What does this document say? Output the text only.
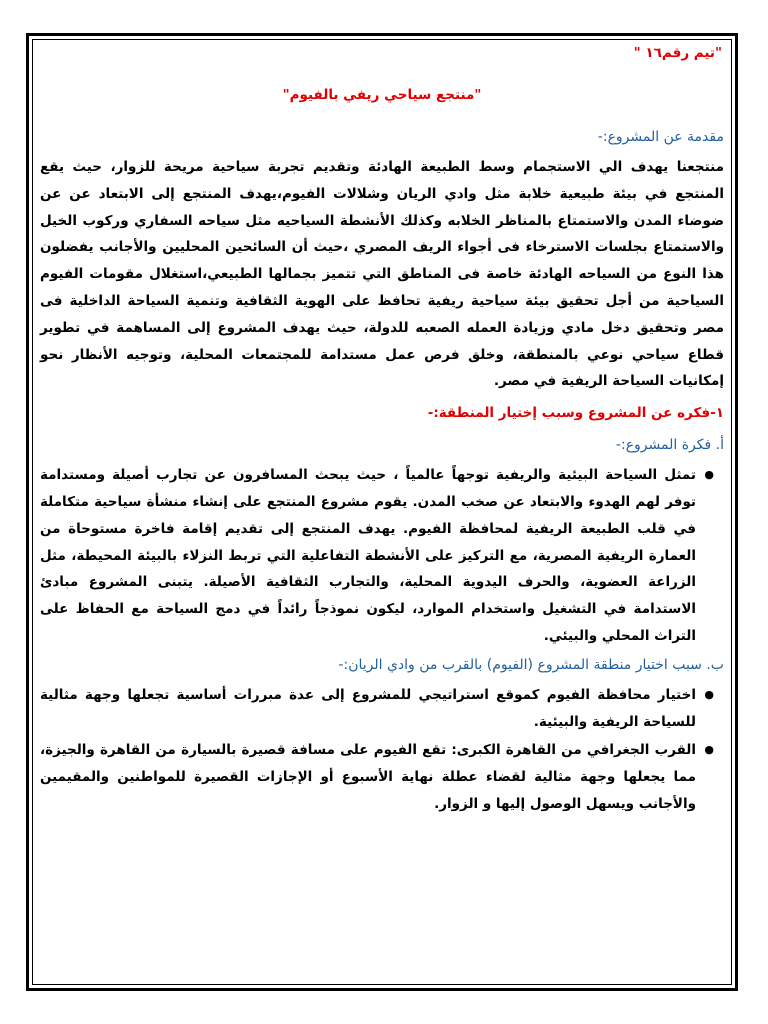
"تيم رقم١٦ "
"منتجع سياحي ريفي بالفيوم"
مقدمة عن المشروع:-

منتجعنا يهدف الي الاستجمام وسط الطبيعة الهادئة وتقديم تجربة سياحية مريحة للزوار، حيث يقع المنتجع في بيئة طبيعية خلابة مثل وادي الريان وشلالات الفيوم،يهدف المنتجع إلى الابتعاد عن عن ضوضاء المدن والاستمتاع بالمناظر الخلابه وكذلك الأنشطة السياحيه مثل سياحه السفاري وركوب الخيل والاستمتاع بجلسات الاسترخاء فى أجواء الريف المصري ،حيث أن السائحين المحليين والأجانب يفضلون هذا النوع من السياحه الهادئة خاصة فى المناطق التي تتميز بجمالها الطبيعي،استغلال مقومات الفيوم السياحية من أجل تحقيق بيئة سياحية ريفية تحافظ على الهوية الثقافية وتنمية السياحة الداخلية فى مصر وتحقيق دخل مادي وزيادة العمله الصعبه للدولة، حيث يهدف المشروع إلى المساهمة في تطوير قطاع سياحي نوعي بالمنطقة، وخلق فرص عمل مستدامة للمجتمعات المحلية، وتوجيه الأنظار نحو إمكانيات السياحة الريفية في مصر.

١-فكره عن المشروع وسبب إختيار المنطقة:-
أ. فكرة المشروع:-
●
تمثل السياحة البيئية والريفية توجهاً عالمياً ، حيث يبحث المسافرون عن تجارب أصيلة ومستدامة توفر لهم الهدوء والابتعاد عن صخب المدن. يقوم مشروع المنتجع على إنشاء منشأة سياحية متكاملة في قلب الطبيعة الريفية لمحافظة الفيوم. يهدف المنتجع إلى تقديم إقامة فاخرة مستوحاة من العمارة الريفية المصرية، مع التركيز على الأنشطة التفاعلية التي تربط النزلاء بالبيئة المحيطة، مثل الزراعة العضوية، والحرف اليدوية المحلية، والتجارب الثقافية الأصيلة. يتبنى المشروع مبادئ الاستدامة في التشغيل واستخدام الموارد، ليكون نموذجاً رائداً في دمج السياحة مع الحفاظ على التراث المحلي والبيئي.
ب. سبب اختيار منطقة المشروع (الفيوم) بالقرب من وادي الريان:-
●
اختيار محافظة الفيوم كموقع استراتيجي للمشروع إلى عدة مبررات أساسية تجعلها وجهة مثالية للسياحة الريفية والبيئية.
●
القرب الجغرافي من القاهرة الكبرى: تقع الفيوم على مسافة قصيرة بالسيارة من القاهرة والجيزة، مما يجعلها وجهة مثالية لقضاء عطلة نهاية الأسبوع أو الإجازات القصيرة للمواطنين والمقيمين والأجانب ويسهل الوصول إليها و الزوار.
